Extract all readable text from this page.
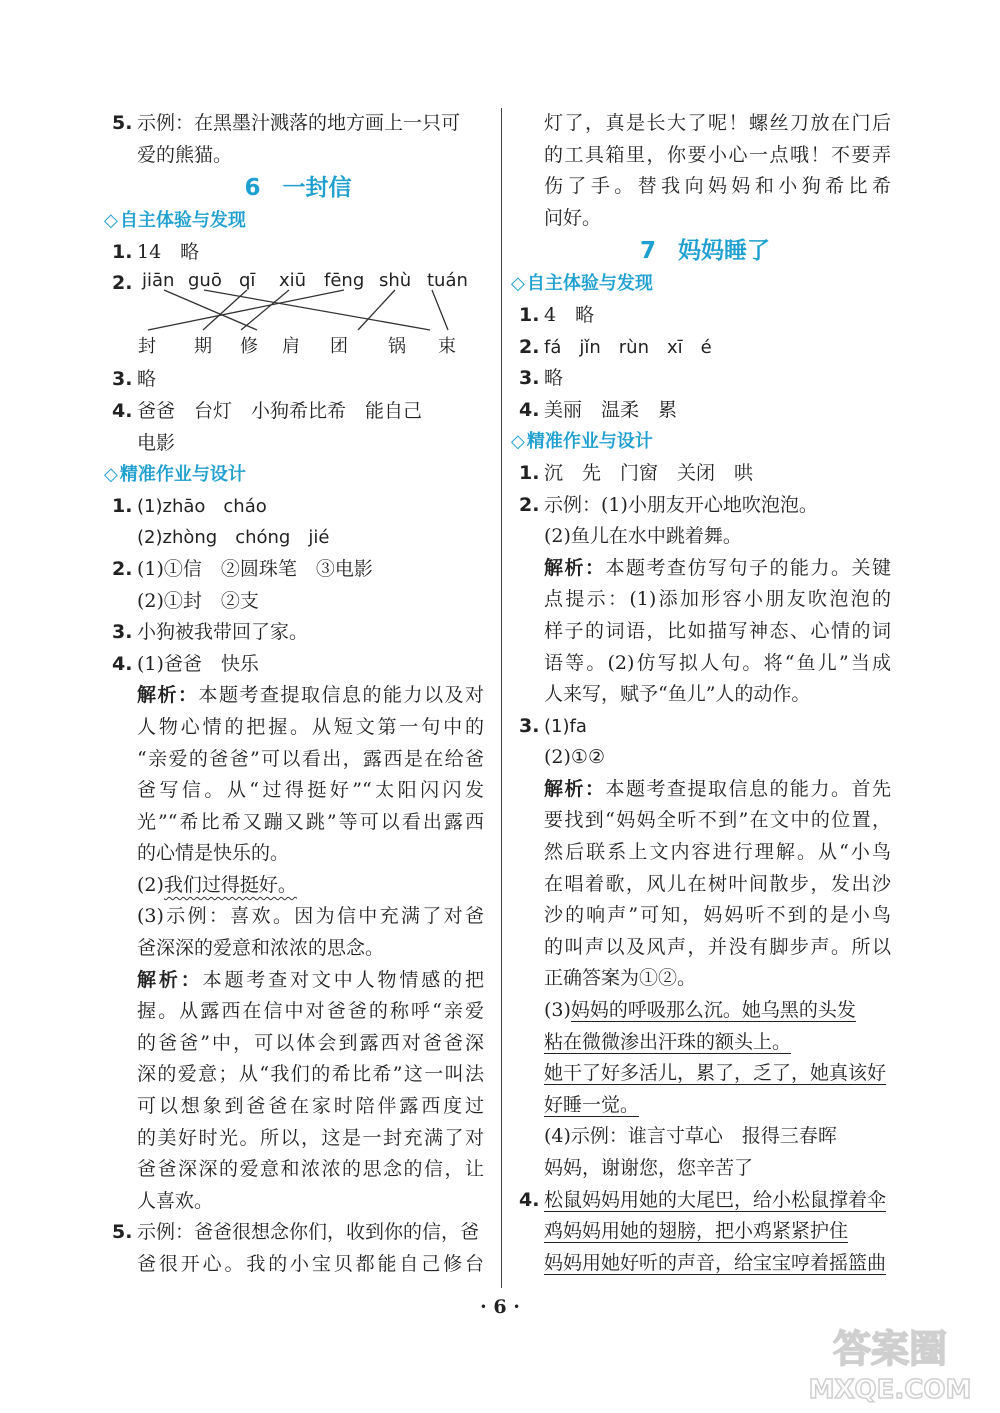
5. 示例：在黑墨汁溅落的地方画上一只可
爱的熊猫。
6 一封信
◇ 自主体验与发现
1. 14　略
2. jiān guō qī xiū fēng shù tuán
封 期 修 肩 团 锅 束
3. 略
4. 爸爸　台灯　小狗希比希　能自己
电影
◇ 精准作业与设计
1. (1)zhāo　cháo
(2)zhòng　chóng　jié
2. (1)①信　②圆珠笔　③电影
(2)①封　②支
3. 小狗被我带回了家。
4. (1)爸爸　快乐
解析：本题考查提取信息的能力以及对
人物心情的把握。从短文第一句中的
“亲爱的爸爸”可以看出，露西是在给爸
爸写信。从“过得挺好”“太阳闪闪发
光”“希比希又蹦又跳”等可以看出露西
的心情是快乐的。
(2)我们过得挺好。
(3)示例：喜欢。因为信中充满了对爸
爸深深的爱意和浓浓的思念。
解析：本题考查对文中人物情感的把
握。从露西在信中对爸爸的称呼“亲爱
的爸爸”中，可以体会到露西对爸爸深
深的爱意；从“我们的希比希”这一叫法
可以想象到爸爸在家时陪伴露西度过
的美好时光。所以，这是一封充满了对
爸爸深深的爱意和浓浓的思念的信，让
人喜欢。
5. 示例：爸爸很想念你们，收到你的信，爸
爸很开心。我的小宝贝都能自己修台
灯了，真是长大了呢！螺丝刀放在门后
的工具箱里，你要小心一点哦！不要弄
伤了手。替我向妈妈和小狗希比希
问好。
7 妈妈睡了
◇ 自主体验与发现
1. 4　略
2. fá　jǐn　rùn　xī　é
3. 略
4. 美丽　温柔　累
◇ 精准作业与设计
1. 沉　先　门窗　关闭　哄
2. 示例：(1)小朋友开心地吹泡泡。
(2)鱼儿在水中跳着舞。
解析：本题考查仿写句子的能力。关键
点提示：(1)添加形容小朋友吹泡泡的
样子的词语，比如描写神态、心情的词
语等。(2)仿写拟人句。将“鱼儿”当成
人来写，赋予“鱼儿”人的动作。
3. (1)fa
(2)①②
解析：本题考查提取信息的能力。首先
要找到“妈妈全听不到”在文中的位置，
然后联系上文内容进行理解。从“小鸟
在唱着歌，风儿在树叶间散步，发出沙
沙的响声”可知，妈妈听不到的是小鸟
的叫声以及风声，并没有脚步声。所以
正确答案为①②。
(3)妈妈的呼吸那么沉。她乌黑的头发
粘在微微渗出汗珠的额头上。
她干了好多活儿，累了，乏了，她真该好
好睡一觉。
(4)示例：谁言寸草心　报得三春晖
妈妈，谢谢您，您辛苦了
4. 松鼠妈妈用她的大尾巴，给小松鼠撑着伞
鸡妈妈用她的翅膀，把小鸡紧紧护住
妈妈用她好听的声音，给宝宝哼着摇篮曲
· 6 ·
答案圈
MXQE.COM
